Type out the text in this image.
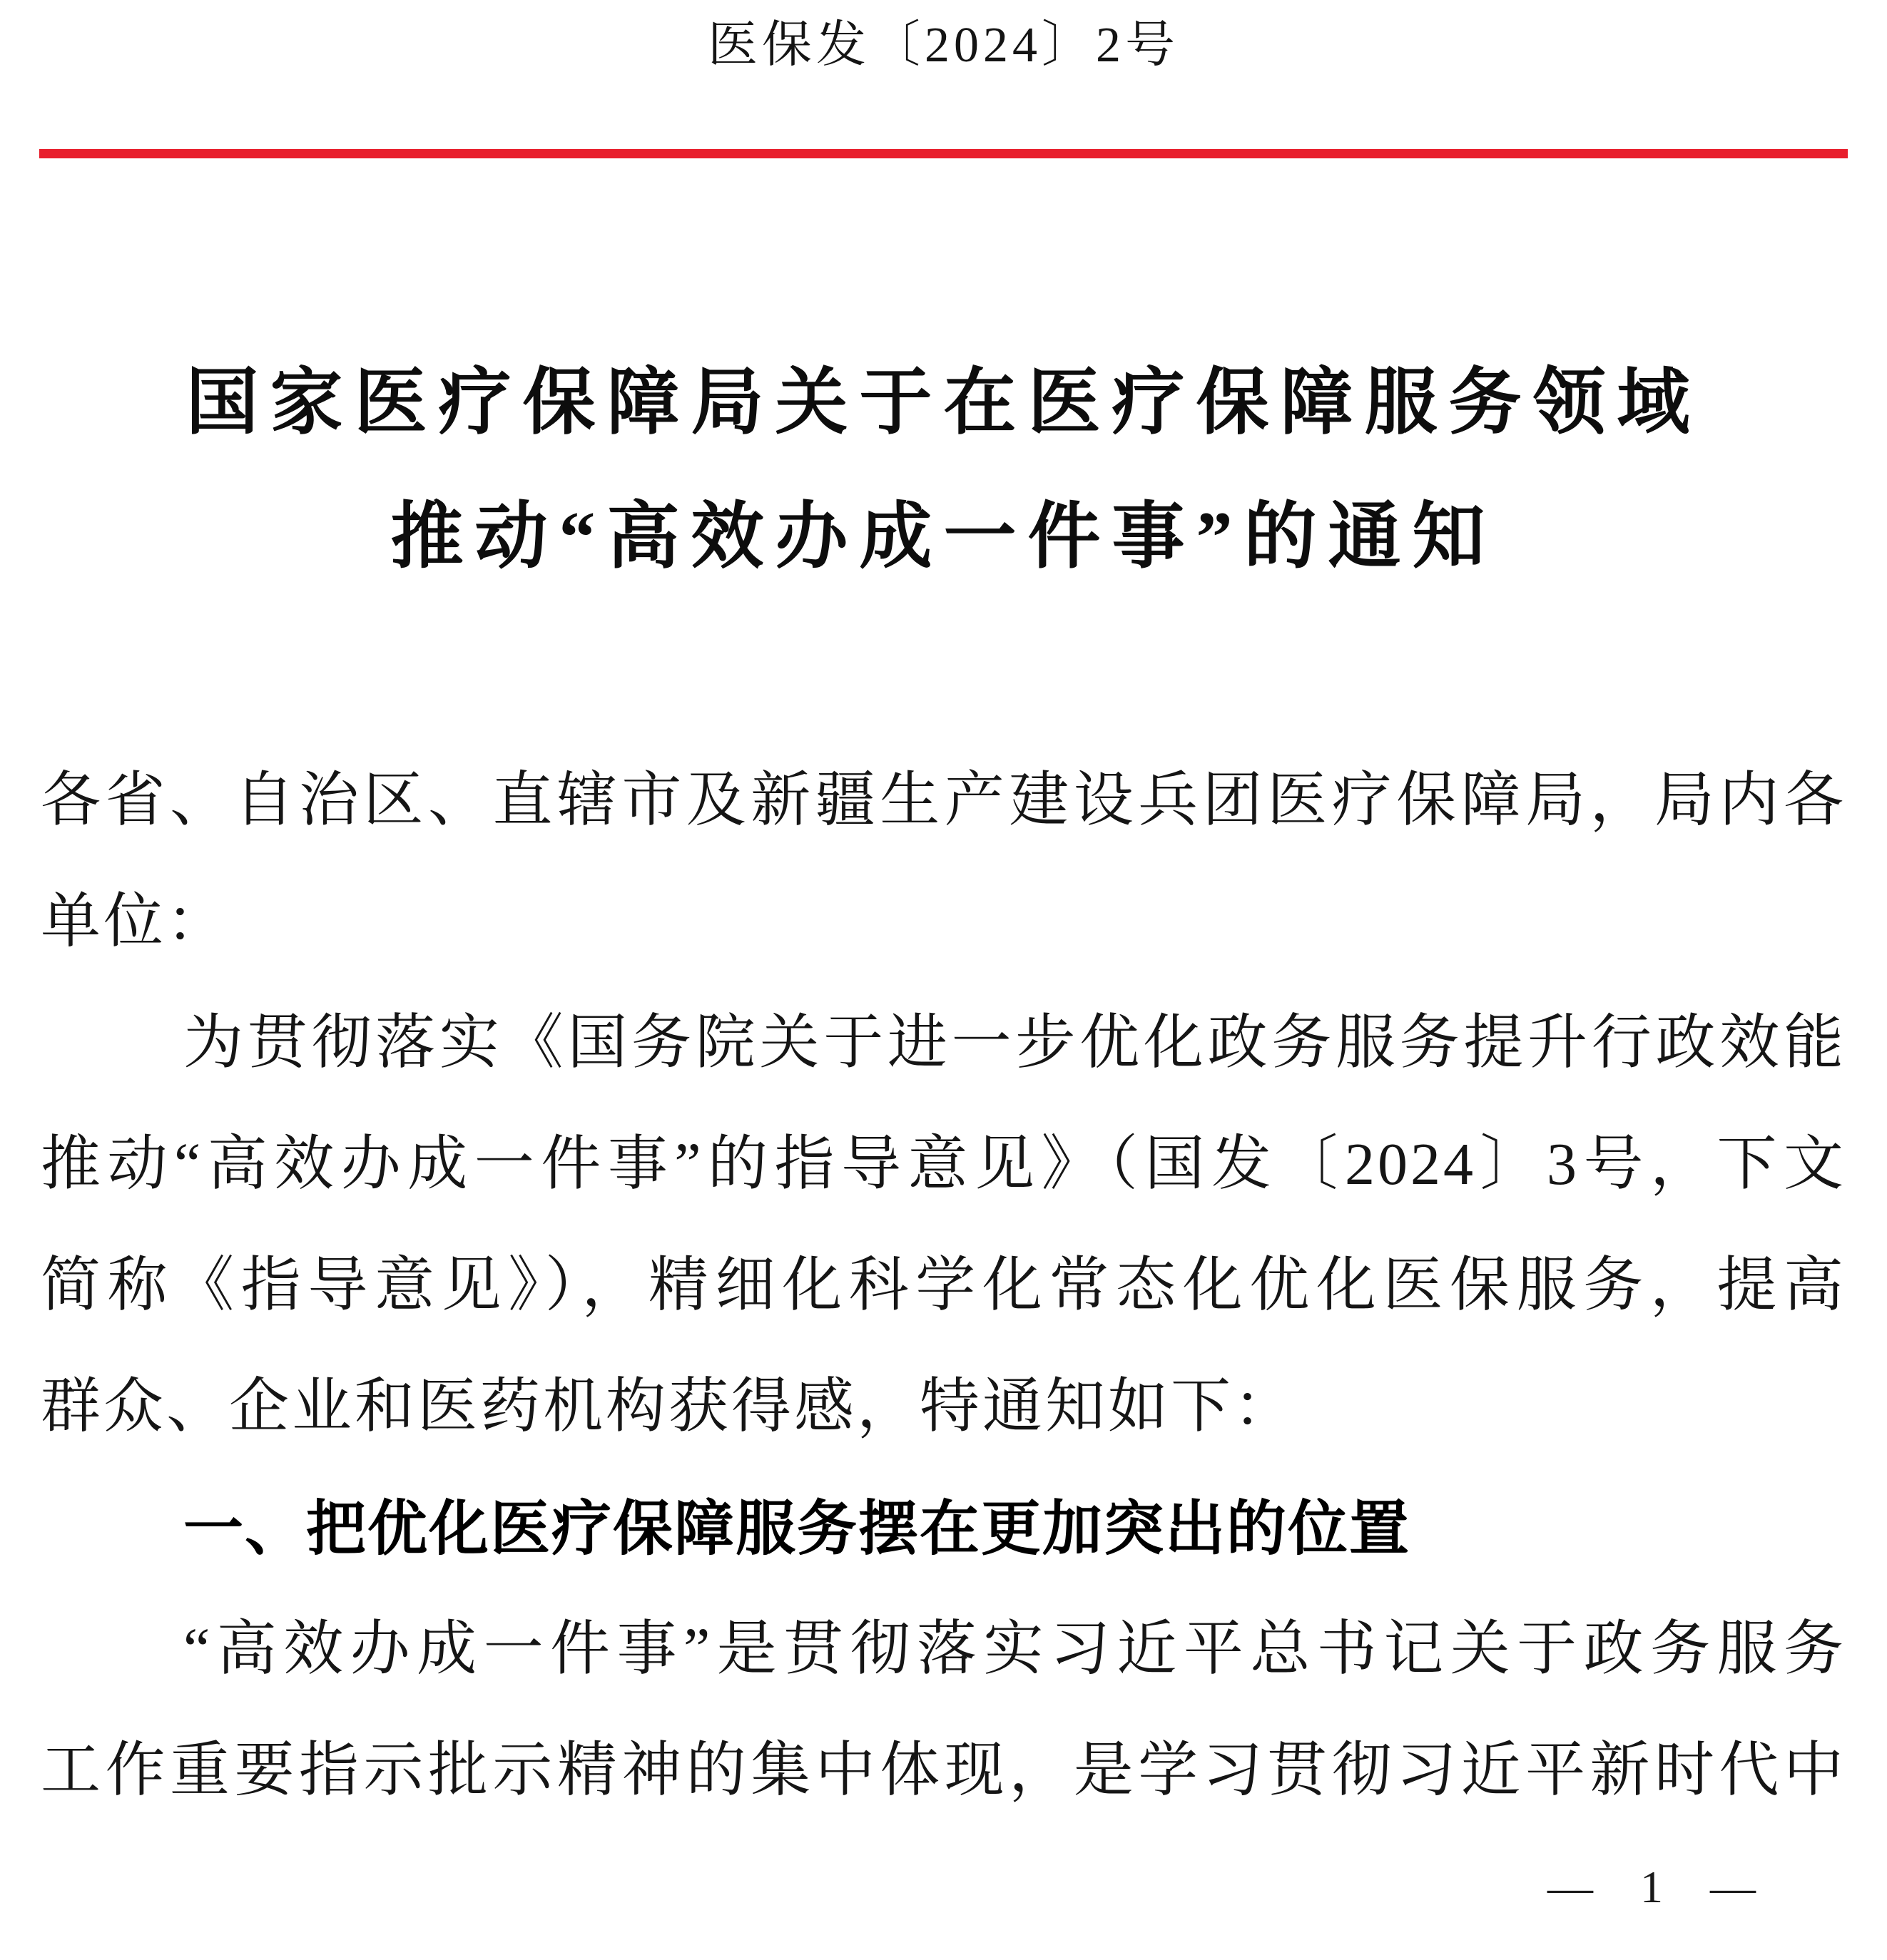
医保发〔2024〕2号
国家医疗保障局关于在医疗保障服务领域
推动“高效办成一件事”的通知
各省、自治区、直辖市及新疆生产建设兵团医疗保障局，局内各
单位：
为贯彻落实《国务院关于进一步优化政务服务提升行政效能
推动“高效办成一件事”的指导意见》（国发〔2024〕3号，下文
简称《指导意见》），精细化科学化常态化优化医保服务，提高
群众、企业和医药机构获得感，特通知如下：
一、把优化医疗保障服务摆在更加突出的位置
“高效办成一件事”是贯彻落实习近平总书记关于政务服务
工作重要指示批示精神的集中体现，是学习贯彻习近平新时代中
— 1 —
